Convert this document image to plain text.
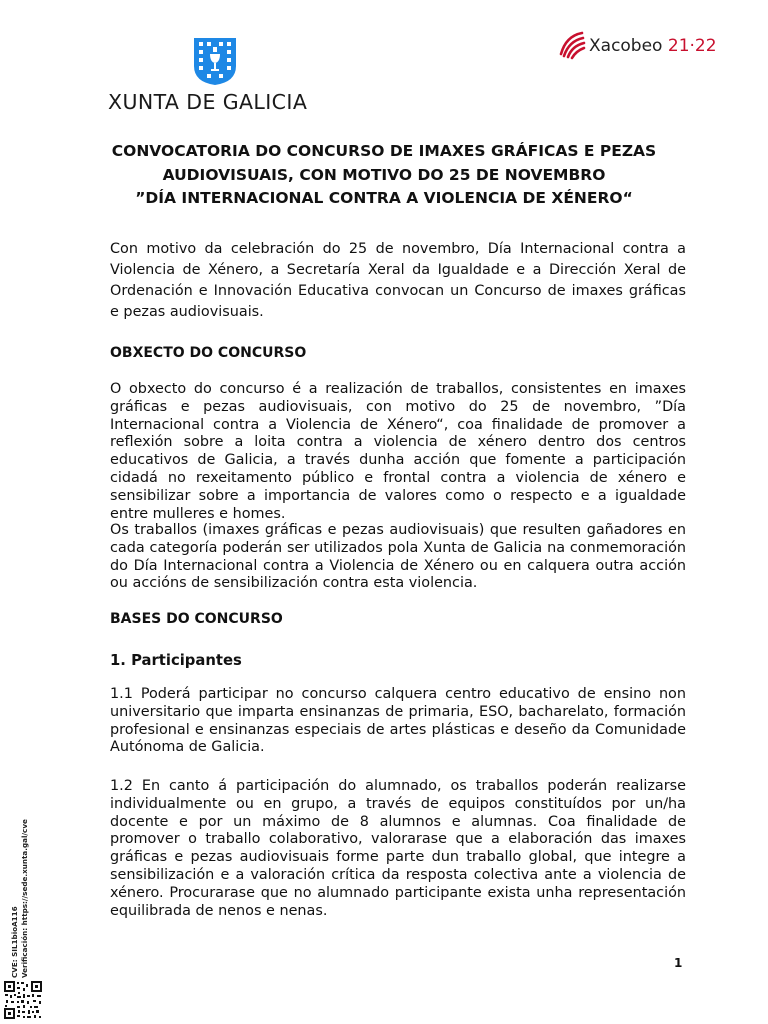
XUNTA DE GALICIA
Xacobeo 21·22
CONVOCATORIA DO CONCURSO DE IMAXES GRÁFICAS E PEZAS
AUDIOVISUAIS, CON MOTIVO DO 25 DE NOVEMBRO
”DÍA INTERNACIONAL CONTRA A VIOLENCIA DE XÉNERO“
Con motivo da celebración do 25 de novembro, Día Internacional contra a Violencia de Xénero, a Secretaría Xeral da Igualdade e a Dirección Xeral de Ordenación e Innovación Educativa convocan un Concurso de imaxes gráficas e pezas audiovisuais.
OBXECTO DO CONCURSO
O obxecto do concurso é a realización de traballos, consistentes en imaxes gráficas e pezas audiovisuais, con motivo do 25 de novembro, ”Día Internacional contra a Violencia de Xénero“, coa finalidade de promover a reflexión sobre a loita contra a violencia de xénero dentro dos centros educativos de Galicia, a través dunha acción que fomente a participación cidadá no rexeitamento público e frontal contra a violencia de xénero e sensibilizar sobre a importancia de valores como o respecto e a igualdade entre mulleres e homes.
Os traballos (imaxes gráficas e pezas audiovisuais) que resulten gañadores en cada categoría poderán ser utilizados pola Xunta de Galicia na conmemoración do Día Internacional contra a Violencia de Xénero ou en calquera outra acción ou accións de sensibilización contra esta violencia.
BASES DO CONCURSO
1. Participantes
1.1 Poderá participar no concurso calquera centro educativo de ensino non universitario que imparta ensinanzas de primaria, ESO, bacharelato, formación profesional e ensinanzas especiais de artes plásticas e deseño da Comunidade Autónoma de Galicia.
1.2 En canto á participación do alumnado, os traballos poderán realizarse individualmente ou en grupo, a través de equipos constituídos por un/ha docente e por un máximo de 8 alumnos e alumnas. Coa finalidade de promover o traballo colaborativo, valorarase que a elaboración das imaxes gráficas e pezas audiovisuais forme parte dun traballo global, que integre a sensibilización e a valoración crítica da resposta colectiva ante a violencia de xénero. Procurarase que no alumnado participante exista unha representación equilibrada de nenos e nenas.
CVE: SIL1bioA116 Verificación: https://sede.xunta.gal/cve	1
